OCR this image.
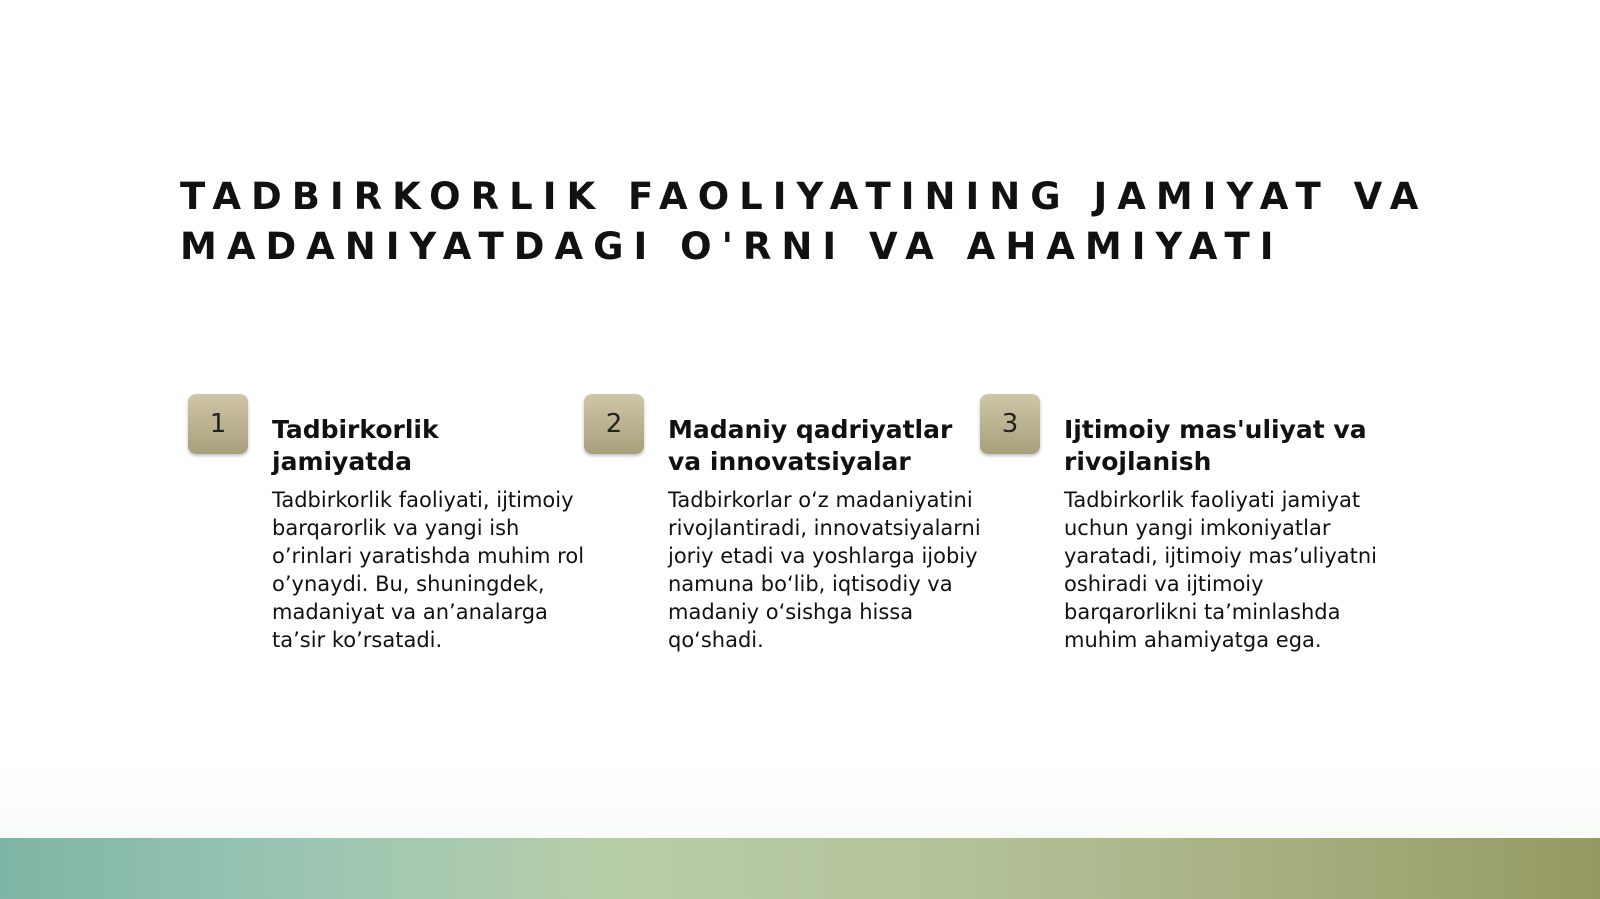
TADBIRKORLIK FAOLIYATINING JAMIYAT VA
MADANIYATDAGI O'RNI VA AHAMIYATI
1	Tadbirkorlik
jamiyatda

Tadbirkorlik faoliyati, ijtimoiy
barqarorlik va yangi ish
o’rinlari yaratishda muhim rol
o’ynaydi. Bu, shuningdek,
madaniyat va an’analarga
ta’sir ko’rsatadi.

2	Madaniy qadriyatlar
va innovatsiyalar

Tadbirkorlar o‘z madaniyatini
rivojlantiradi, innovatsiyalarni
joriy etadi va yoshlarga ijobiy
namuna bo‘lib, iqtisodiy va
madaniy o‘sishga hissa
qo‘shadi.

3	Ijtimoiy mas'uliyat va
rivojlanish

Tadbirkorlik faoliyati jamiyat
uchun yangi imkoniyatlar
yaratadi, ijtimoiy mas’uliyatni
oshiradi va ijtimoiy
barqarorlikni ta’minlashda
muhim ahamiyatga ega.
